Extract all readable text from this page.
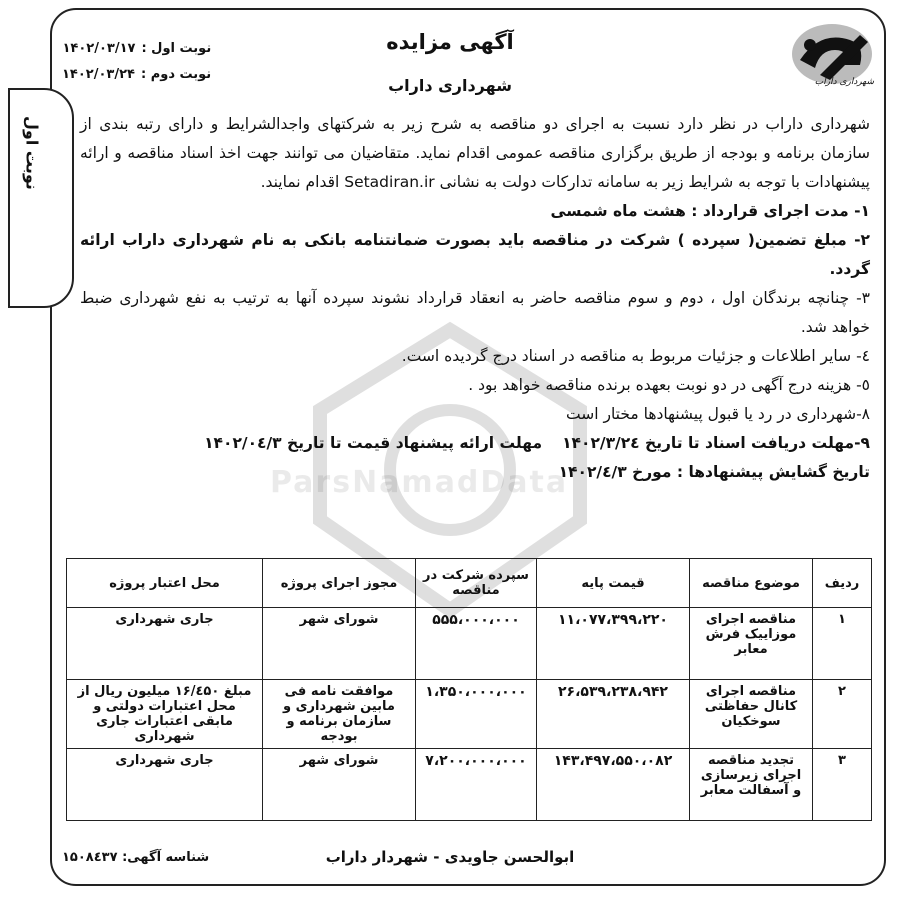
نوبت اول
شهرداری داراب
آگهی مزایده
شهرداری داراب
نوبت اول :
۱۴۰۲/۰۳/۱۷
نوبت دوم :
۱۴۰۲/۰۳/۲۴
ParsNamadData

شهرداری داراب در نظر دارد نسبت به اجرای دو مناقصه به شرح زیر به شرکتهای واجدالشرایط و دارای رتبه بندی از سازمان برنامه و بودجه از طریق برگزاری مناقصه عمومی اقدام نماید. متقاضیان می توانند جهت اخذ اسناد مناقصه و ارائه پیشنهادات با توجه به شرایط زیر به سامانه تدارکات دولت به نشانی Setadiran.ir اقدام نمایند.

۱- مدت اجرای قرارداد : هشت ماه شمسی

۲- مبلغ تضمین( سپرده ) شرکت در مناقصه باید بصورت ضمانتنامه بانکی به نام شهرداری داراب ارائه گردد.

۳- چنانچه برندگان اول ، دوم و سوم مناقصه حاضر به انعقاد قرارداد نشوند سپرده آنها به ترتیب به نفع شهرداری ضبط خواهد شد.

٤- سایر اطلاعات و جزئیات مربوط به مناقصه در اسناد درج گردیده است.

٥- هزینه درج آگهی در دو نوبت بعهده برنده مناقصه خواهد بود .

٨-شهرداری در رد یا قبول پیشنهادها مختار است

۹-مهلت دریافت اسناد تا تاریخ ۱۴۰۲/۳/۲٤
مهلت ارائه پیشنهاد قیمت تا تاریخ ۱۴۰۲/۰٤/۳

تاریخ گشایش پیشنهادها : مورخ ۱۴۰۲/٤/۳

ردیف	موضوع مناقصه	قیمت پایه	سپرده شرکت در مناقصه	مجوز اجرای پروژه	محل اعتبار پروژه
۱	مناقصه اجرای موزاییک فرش معابر	۱۱،۰۷۷،۳۹۹،۲۲۰	۵۵۵،۰۰۰،۰۰۰	شورای شهر	جاری شهرداری
۲	مناقصه اجرای کانال حفاظتی سوخکیان	۲۶،۵۳۹،۲۳۸،۹۴۲	۱،۳۵۰،۰۰۰،۰۰۰	موافقت نامه فی مابین شهرداری و سازمان برنامه و بودجه	مبلغ ۱۶/٤۵۰ میلیون ریال از محل اعتبارات دولتی و مابقی اعتبارات جاری شهرداری
۳	تجدید مناقصه اجرای زیرسازی و آسفالت معابر	۱۴۳،۴۹۷،۵۵۰،۰۸۲	۷،۲۰۰،۰۰۰،۰۰۰	شورای شهر	جاری شهرداری
ابوالحسن جاویدی - شهردار داراب
شناسه آگهی: ۱۵۰۸٤۳۷
